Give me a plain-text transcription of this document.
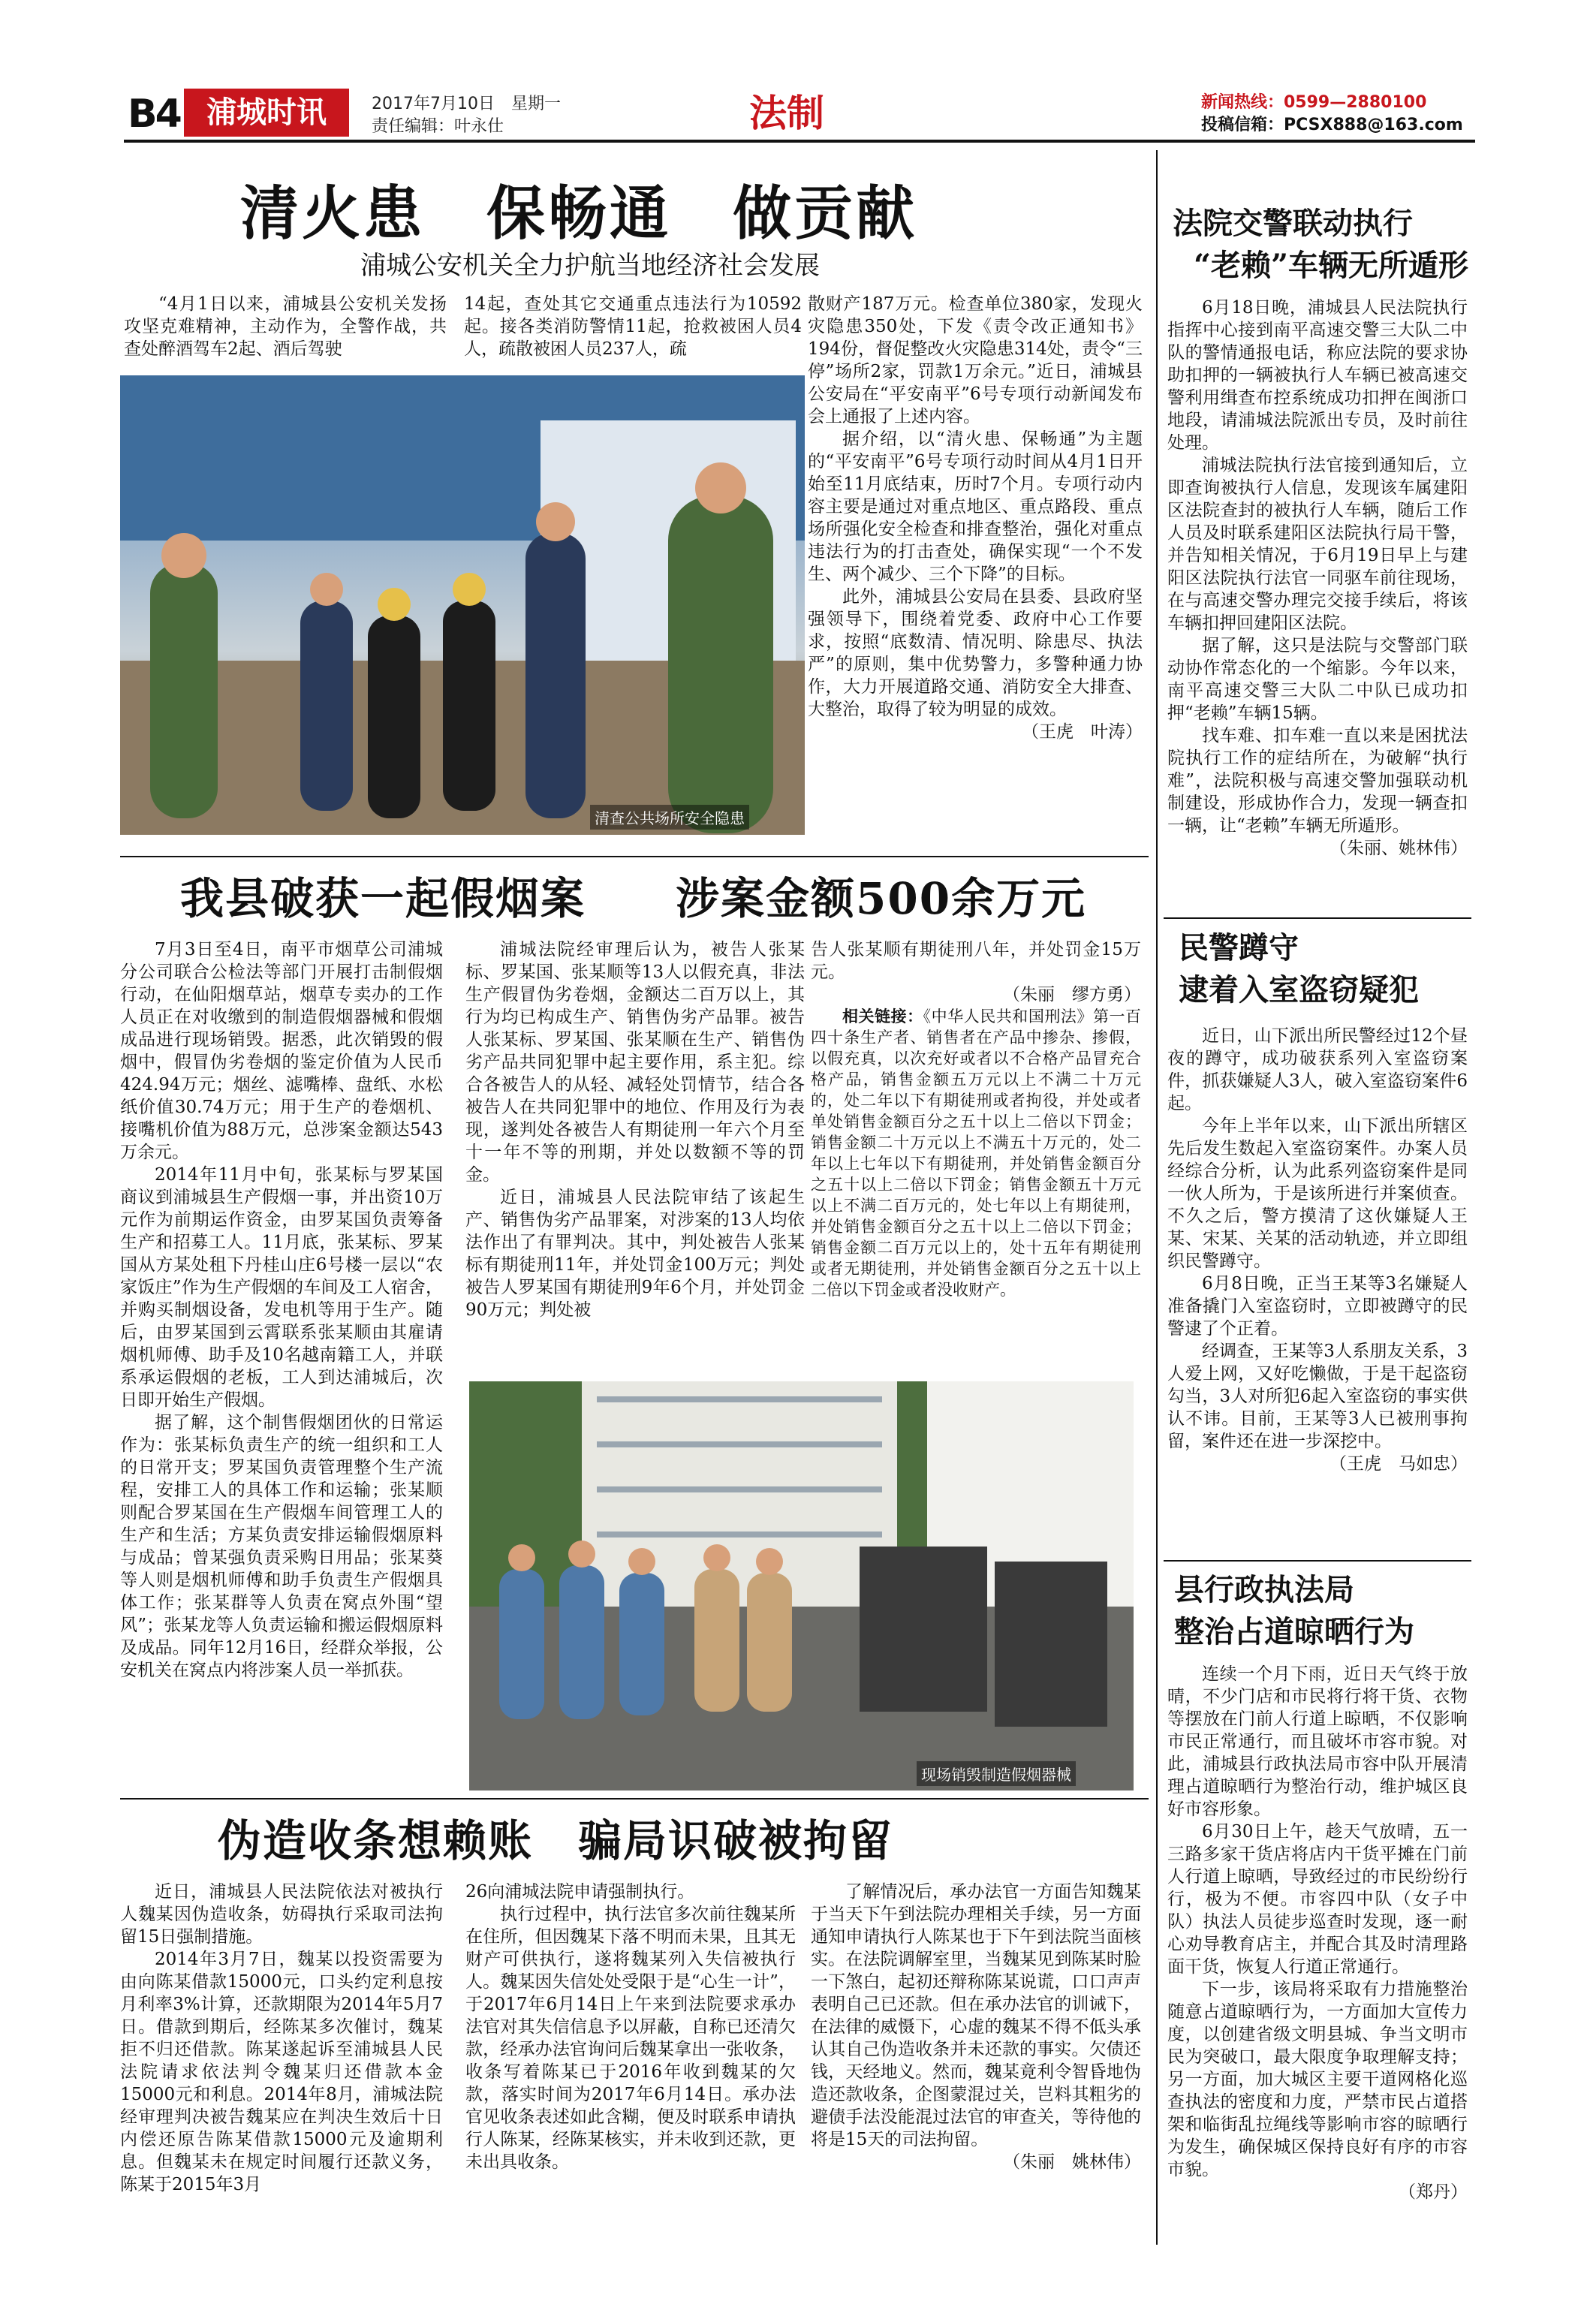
B4 浦城时讯	2017年7月10日　星期一
责任编辑：叶永仕	法制	新闻热线：0599—2880100
投稿信箱：PCSX888@163.com
清火患　保畅通　做贡献
浦城公安机关全力护航当地经济社会发展

“4月1日以来，浦城县公安机关发扬攻坚克难精神，主动作为，全警作战，共查处醉酒驾车2起、酒后驾驶

14起，查处其它交通重点违法行为10592起。接各类消防警情11起，抢救被困人员4人，疏散被困人员237人，疏

清查公共场所安全隐患

散财产187万元。检查单位380家，发现火灾隐患350处，下发《责令改正通知书》194份，督促整改火灾隐患314处，责令“三停”场所2家，罚款1万余元。”近日，浦城县公安局在“平安南平”6号专项行动新闻发布会上通报了上述内容。

据介绍，以“清火患、保畅通”为主题的“平安南平”6号专项行动时间从4月1日开始至11月底结束，历时7个月。专项行动内容主要是通过对重点地区、重点路段、重点场所强化安全检查和排查整治，强化对重点违法行为的打击查处，确保实现“一个不发生、两个减少、三个下降”的目标。

此外，浦城县公安局在县委、县政府坚强领导下，围绕着党委、政府中心工作要求，按照“底数清、情况明、除患尽、执法严”的原则，集中优势警力，多警种通力协作，大力开展道路交通、消防安全大排查、大整治，取得了较为明显的成效。

（王虎　叶涛）
我县破获一起假烟案　　涉案金额500余万元

7月3日至4日，南平市烟草公司浦城分公司联合公检法等部门开展打击制假烟行动，在仙阳烟草站，烟草专卖办的工作人员正在对收缴到的制造假烟器械和假烟成品进行现场销毁。据悉，此次销毁的假烟中，假冒伪劣卷烟的鉴定价值为人民币424.94万元；烟丝、滤嘴棒、盘纸、水松纸价值30.74万元；用于生产的卷烟机、接嘴机价值为88万元，总涉案金额达543万余元。

2014年11月中旬，张某标与罗某国商议到浦城县生产假烟一事，并出资10万元作为前期运作资金，由罗某国负责筹备生产和招募工人。11月底，张某标、罗某国从方某处租下丹桂山庄6号楼一层以“农家饭庄”作为生产假烟的车间及工人宿舍，并购买制烟设备，发电机等用于生产。随后，由罗某国到云霄联系张某顺由其雇请烟机师傅、助手及10名越南籍工人，并联系承运假烟的老板，工人到达浦城后，次日即开始生产假烟。

据了解，这个制售假烟团伙的日常运作为：张某标负责生产的统一组织和工人的日常开支；罗某国负责管理整个生产流程，安排工人的具体工作和运输；张某顺则配合罗某国在生产假烟车间管理工人的生产和生活；方某负责安排运输假烟原料与成品；曾某强负责采购日用品；张某葵等人则是烟机师傅和助手负责生产假烟具体工作；张某群等人负责在窝点外围“望风”；张某龙等人负责运输和搬运假烟原料及成品。同年12月16日，经群众举报，公安机关在窝点内将涉案人员一举抓获。

浦城法院经审理后认为，被告人张某标、罗某国、张某顺等13人以假充真，非法生产假冒伪劣卷烟，金额达二百万以上，其行为均已构成生产、销售伪劣产品罪。被告人张某标、罗某国、张某顺在生产、销售伪劣产品共同犯罪中起主要作用，系主犯。综合各被告人的从轻、减轻处罚情节，结合各被告人在共同犯罪中的地位、作用及行为表现，遂判处各被告人有期徒刑一年六个月至十一年不等的刑期，并处以数额不等的罚金。

近日，浦城县人民法院审结了该起生产、销售伪劣产品罪案，对涉案的13人均依法作出了有罪判决。其中，判处被告人张某标有期徒刑11年，并处罚金100万元；判处被告人罗某国有期徒刑9年6个月，并处罚金90万元；判处被

告人张某顺有期徒刑八年，并处罚金15万元。

（朱丽　缪方勇）

相关链接：《中华人民共和国刑法》第一百四十条生产者、销售者在产品中掺杂、掺假，以假充真，以次充好或者以不合格产品冒充合格产品，销售金额五万元以上不满二十万元的，处二年以下有期徒刑或者拘役，并处或者单处销售金额百分之五十以上二倍以下罚金；销售金额二十万元以上不满五十万元的，处二年以上七年以下有期徒刑，并处销售金额百分之五十以上二倍以下罚金；销售金额五十万元以上不满二百万元的，处七年以上有期徒刑，并处销售金额百分之五十以上二倍以下罚金；销售金额二百万元以上的，处十五年有期徒刑或者无期徒刑，并处销售金额百分之五十以上二倍以下罚金或者没收财产。

现场销毁制造假烟器械
伪造收条想赖账　骗局识破被拘留

近日，浦城县人民法院依法对被执行人魏某因伪造收条，妨碍执行采取司法拘留15日强制措施。

2014年3月7日，魏某以投资需要为由向陈某借款15000元，口头约定利息按月利率3%计算，还款期限为2014年5月7日。借款到期后，经陈某多次催讨，魏某拒不归还借款。陈某遂起诉至浦城县人民法院请求依法判令魏某归还借款本金15000元和利息。2014年8月，浦城法院经审理判决被告魏某应在判决生效后十日内偿还原告陈某借款15000元及逾期利息。但魏某未在规定时间履行还款义务，陈某于2015年3月

26向浦城法院申请强制执行。

执行过程中，执行法官多次前往魏某所在住所，但因魏某下落不明而未果，且其无财产可供执行，遂将魏某列入失信被执行人。魏某因失信处处受限于是“心生一计”，于2017年6月14日上午来到法院要求承办法官对其失信信息予以屏蔽，自称已还清欠款，经承办法官询问后魏某拿出一张收条，收条写着陈某已于2016年收到魏某的欠款，落实时间为2017年6月14日。承办法官见收条表述如此含糊，便及时联系申请执行人陈某，经陈某核实，并未收到还款，更未出具收条。

了解情况后，承办法官一方面告知魏某于当天下午到法院办理相关手续，另一方面通知申请执行人陈某也于下午到法院当面核实。在法院调解室里，当魏某见到陈某时脸一下煞白，起初还辩称陈某说谎，口口声声表明自己已还款。但在承办法官的训诫下，在法律的威慑下，心虚的魏某不得不低头承认其自己伪造收条并未还款的事实。欠债还钱，天经地义。然而，魏某竟利令智昏地伪造还款收条，企图蒙混过关，岂料其粗劣的避债手法没能混过法官的审查关，等待他的将是15天的司法拘留。

（朱丽　姚林伟）
法院交警联动执行
“老赖”车辆无所遁形

6月18日晚，浦城县人民法院执行指挥中心接到南平高速交警三大队二中队的警情通报电话，称应法院的要求协助扣押的一辆被执行人车辆已被高速交警利用缉查布控系统成功扣押在闽浙口地段，请浦城法院派出专员，及时前往处理。

浦城法院执行法官接到通知后，立即查询被执行人信息，发现该车属建阳区法院查封的被执行人车辆，随后工作人员及时联系建阳区法院执行局干警，并告知相关情况，于6月19日早上与建阳区法院执行法官一同驱车前往现场，在与高速交警办理完交接手续后，将该车辆扣押回建阳区法院。

据了解，这只是法院与交警部门联动协作常态化的一个缩影。今年以来，南平高速交警三大队二中队已成功扣押“老赖”车辆15辆。

找车难、扣车难一直以来是困扰法院执行工作的症结所在，为破解“执行难”，法院积极与高速交警加强联动机制建设，形成协作合力，发现一辆查扣一辆，让“老赖”车辆无所遁形。

（朱丽、姚林伟）
民警蹲守
逮着入室盗窃疑犯

近日，山下派出所民警经过12个昼夜的蹲守，成功破获系列入室盗窃案件，抓获嫌疑人3人，破入室盗窃案件6起。

今年上半年以来，山下派出所辖区先后发生数起入室盗窃案件。办案人员经综合分析，认为此系列盗窃案件是同一伙人所为，于是该所进行并案侦查。不久之后，警方摸清了这伙嫌疑人王某、宋某、关某的活动轨迹，并立即组织民警蹲守。

6月8日晚，正当王某等3名嫌疑人准备撬门入室盗窃时，立即被蹲守的民警逮了个正着。

经调查，王某等3人系朋友关系，3人爱上网，又好吃懒做，于是干起盗窃勾当，3人对所犯6起入室盗窃的事实供认不讳。目前，王某等3人已被刑事拘留，案件还在进一步深挖中。

（王虎　马如忠）
县行政执法局
整治占道晾晒行为

连续一个月下雨，近日天气终于放晴，不少门店和市民将行将干货、衣物等摆放在门前人行道上晾晒，不仅影响市民正常通行，而且破坏市容市貌。对此，浦城县行政执法局市容中队开展清理占道晾晒行为整治行动，维护城区良好市容形象。

6月30日上午，趁天气放晴，五一三路多家干货店将店内干货平摊在门前人行道上晾晒，导致经过的市民纷纷行行，极为不便。市容四中队（女子中队）执法人员徒步巡查时发现，逐一耐心劝导教育店主，并配合其及时清理路面干货，恢复人行道正常通行。

下一步，该局将采取有力措施整治随意占道晾晒行为，一方面加大宣传力度，以创建省级文明县城、争当文明市民为突破口，最大限度争取理解支持；另一方面，加大城区主要干道网格化巡查执法的密度和力度，严禁市民占道搭架和临街乱拉绳线等影响市容的晾晒行为发生，确保城区保持良好有序的市容市貌。

（郑丹）
